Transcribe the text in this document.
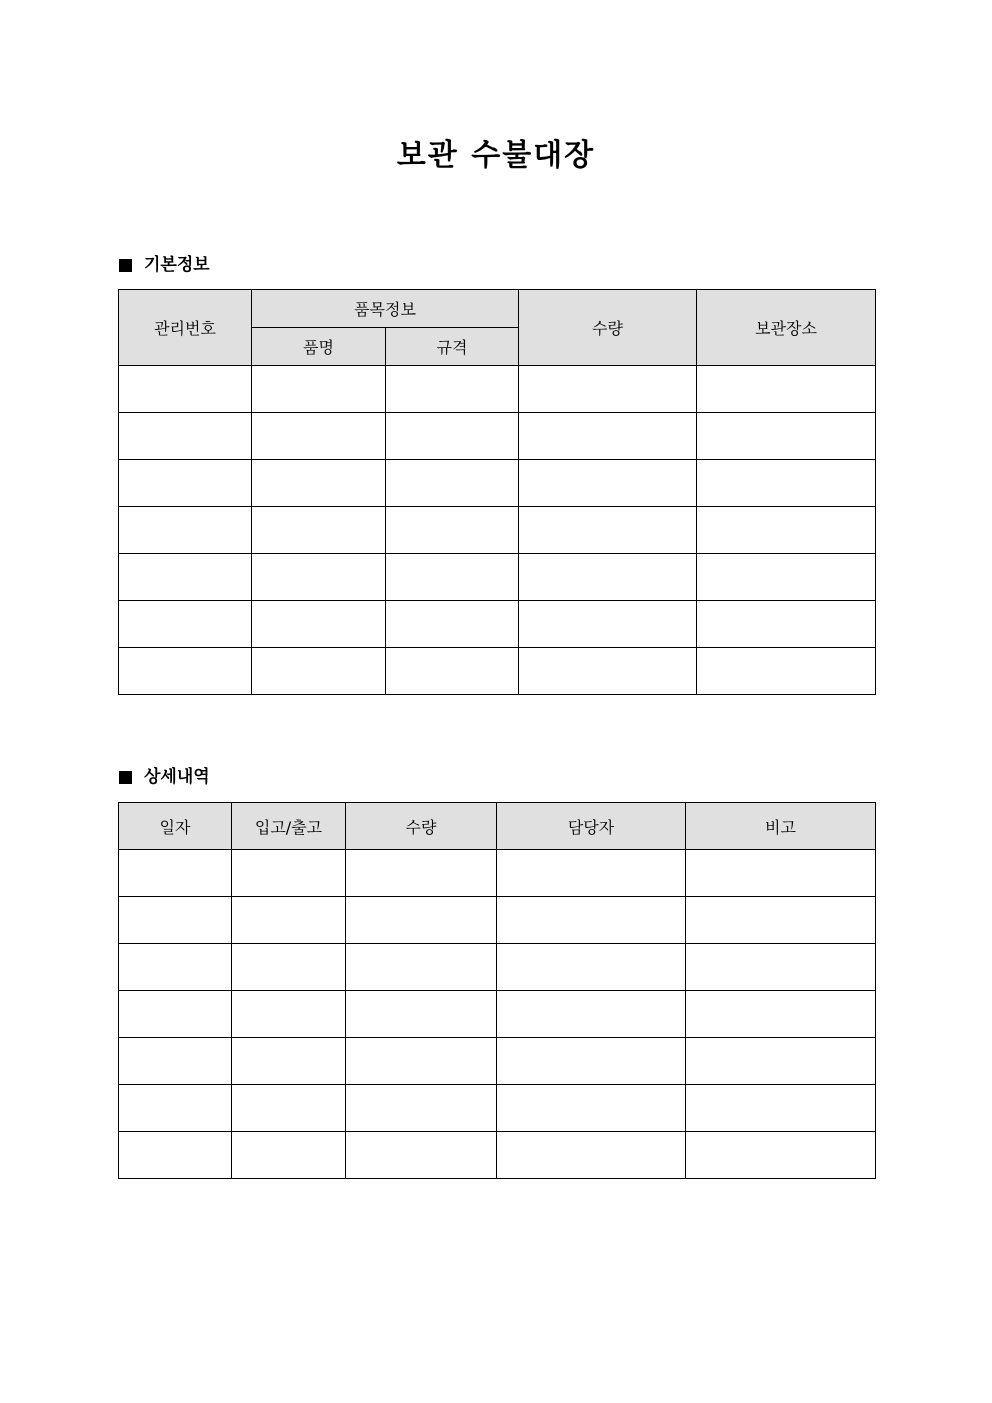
보관 수불대장
기본정보
관리번호	품목정보		수량	보관장소
	품명	규격		

상세내역
일자	입고/출고	수량	담당자	비고
